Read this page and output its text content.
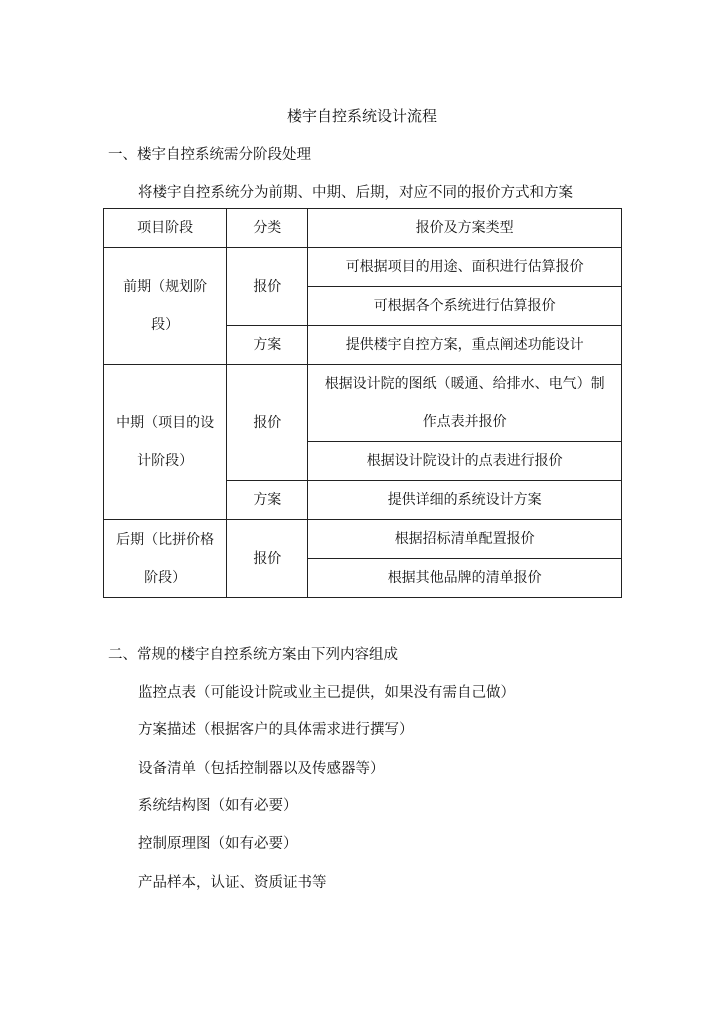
楼宇自控系统设计流程
一、楼宇自控系统需分阶段处理
将楼宇自控系统分为前期、中期、后期，对应不同的报价方式和方案
项目阶段	分类	报价及方案类型

前期（规划阶
段）	报价	可根据项目的用途、面积进行估算报价
		可根据各个系统进行估算报价
	方案	提供楼宇自控方案，重点阐述功能设计

中期（项目的设
计阶段）	报价	根据设计院的图纸（暖通、给排水、电气）制
作点表并报价

		根据设计院设计的点表进行报价
	方案	提供详细的系统设计方案

后期（比拼价格
阶段）	报价	根据招标清单配置报价
		根据其他品牌的清单报价
二、常规的楼宇自控系统方案由下列内容组成
监控点表（可能设计院或业主已提供，如果没有需自己做）
方案描述（根据客户的具体需求进行撰写）
设备清单（包括控制器以及传感器等）
系统结构图（如有必要）
控制原理图（如有必要）
产品样本，认证、资质证书等
